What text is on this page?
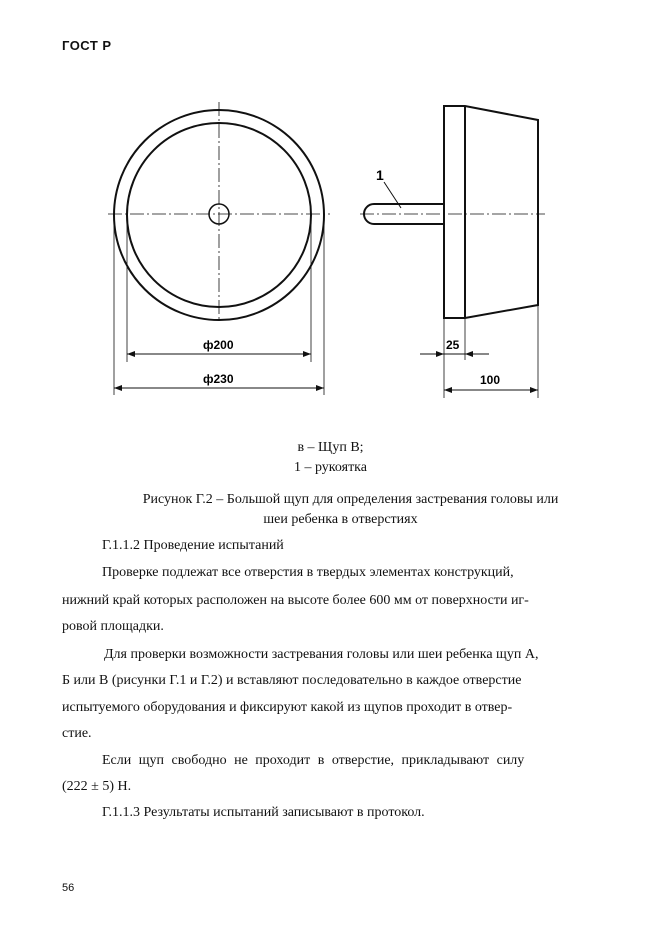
ГОСТ Р
ф200
ф230
1
25
100
в – Щуп В;
1 – рукоятка
Рисунок Г.2 – Большой щуп для определения застревания головы или
шеи ребенка в отверстиях
Г.1.1.2 Проведение испытаний
Проверке подлежат все отверстия в твердых элементах конструкций,
нижний край которых расположен на высоте более 600 мм от поверхности иг-
ровой площадки.
Для проверки возможности застревания головы или шеи ребенка щуп А,
Б или В (рисунки Г.1 и Г.2) и вставляют последовательно в каждое отверстие
испытуемого оборудования и фиксируют какой из щупов проходит в отвер-
стие.
Если щуп свободно не проходит в отверстие, прикладывают силу
(222 ± 5) Н.
Г.1.1.3 Результаты испытаний записывают в протокол.
56
